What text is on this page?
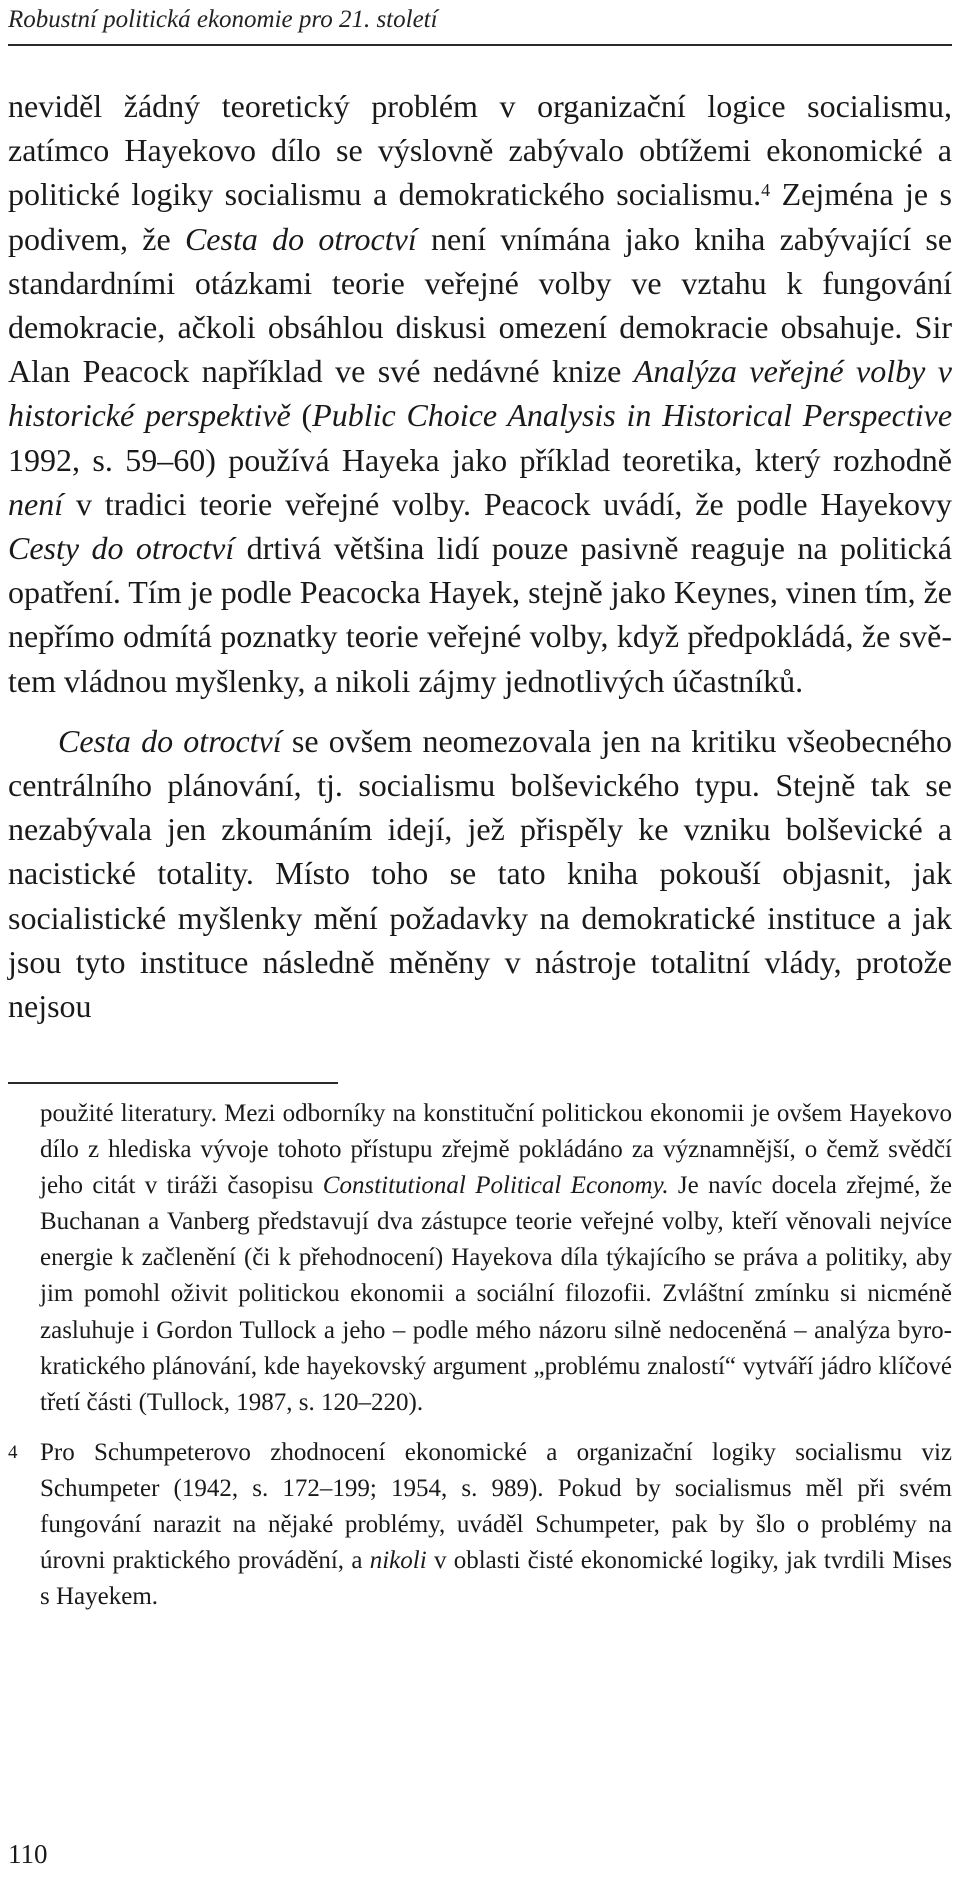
Robustní politická ekonomie pro 21. století

neviděl žádný teoretický problém v organizační logice socialismu, zatímco Hayekovo dílo se výslovně zabývalo obtížemi ekonomické a politické logiky socialismu a demokratického socialismu.$^4$ Zejména je s podivem, že Cesta do otroctví není vnímána jako kniha zabývající se standardními otázkami teorie veřejné volby ve vztahu k fungování demokracie, ačkoli obsáhlou diskusi omezení demokracie obsahuje. Sir Alan Peacock například ve své nedávné knize Analýza veřejné volby v historické perspektivě (Public Choice Analysis in Historical Perspective 1992, s. 59–60) používá Hayeka jako příklad teoretika, který rozhodně není v tradici teorie veřejné volby. Peacock uvádí, že podle Hayekovy Cesty do otroctví drtivá většina lidí pouze pasivně reaguje na politická opatření. Tím je podle Peacocka Hayek, stejně jako Keynes, vinen tím, že nepřímo odmítá poznatky teorie veřejné volby, když předpokládá, že světem vládnou myšlenky, a nikoli zájmy jednotlivých účastníků.

Cesta do otroctví se ovšem neomezovala jen na kritiku všeobecného centrálního plánování, tj. socialismu bolševického typu. Stejně tak se nezabývala jen zkoumáním idejí, jež přispěly ke vzniku bolševické a nacistické totality. Místo toho se tato kniha pokouší objasnit, jak socialistické myšlenky mění požadavky na demokratické instituce a jak jsou tyto instituce následně měněny v nástroje totalitní vlády, protože nejsou

použité literatury. Mezi odborníky na konstituční politickou ekonomii je ovšem Hayekovo dílo z hlediska vývoje tohoto přístupu zřejmě pokládáno za významnější, o čemž svědčí jeho citát v tiráži časopisu Constitutional Political Economy. Je navíc docela zřejmé, že Buchanan a Vanberg představují dva zástupce teorie veřejné volby, kteří věnovali nejvíce energie k začlenění (či k přehodnocení) Hayekova díla týkajícího se práva a politiky, aby jim pomohl oživit politickou ekonomii a sociální filozofii. Zvláštní zmínku si nicméně zasluhuje i Gordon Tullock a jeho – podle mého názoru silně nedoceněná – analýza byrokratického plánování, kde hayekovský argument „problému znalostí“ vytváří jádro klíčové třetí části (Tullock, 1987, s. 120–220).

4 Pro Schumpeterovo zhodnocení ekonomické a organizační logiky socialismu viz Schumpeter (1942, s. 172–199; 1954, s. 989). Pokud by socialismus měl při svém fungování narazit na nějaké problémy, uváděl Schumpeter, pak by šlo o problémy na úrovni praktického provádění, a nikoli v oblasti čisté ekonomické logiky, jak tvrdili Mises s Hayekem.

110
